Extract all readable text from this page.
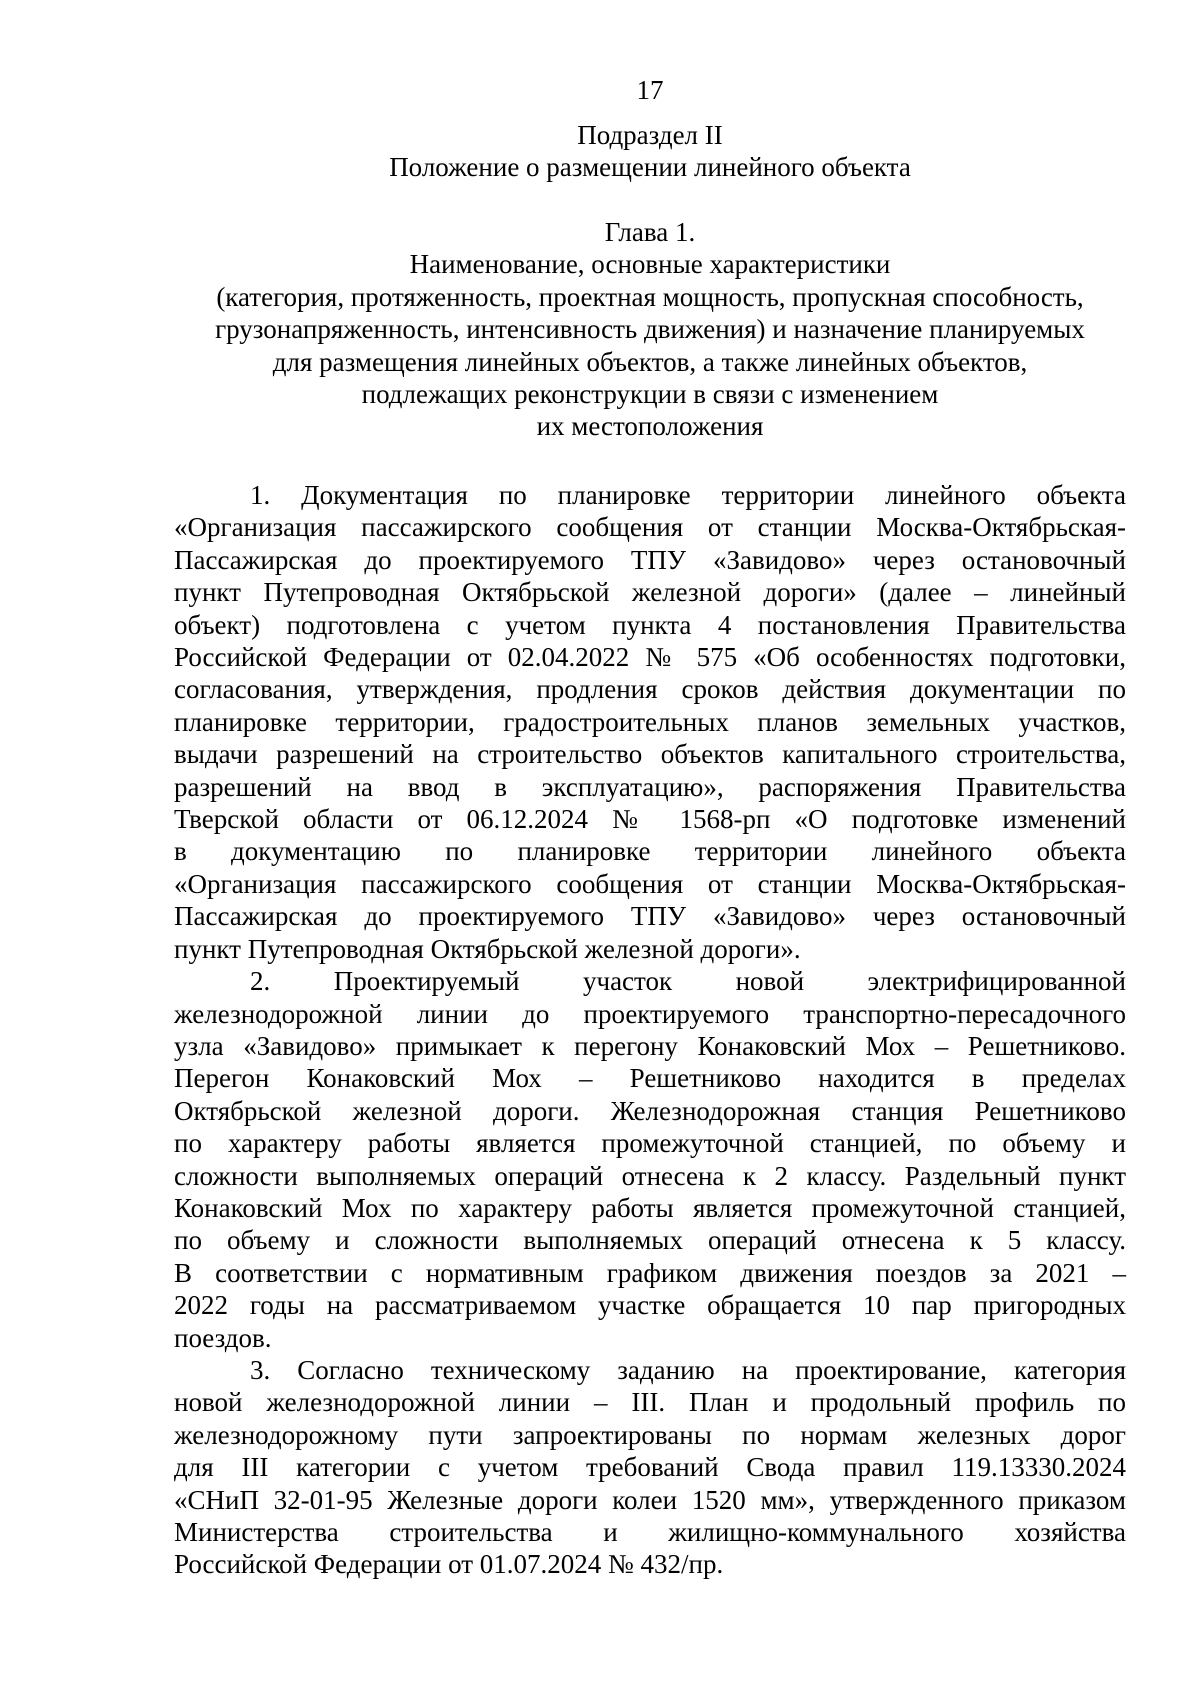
17
Подраздел II
Положение о размещении линейного объекта
Глава 1.
Наименование, основные характеристики
(категория, протяженность, проектная мощность, пропускная способность,
грузонапряженность, интенсивность движения) и назначение планируемых
для размещения линейных объектов, а также линейных объектов,
подлежащих реконструкции в связи с изменением
их местоположения
1. Документация по планировке территории линейного объекта
«Организация пассажирского сообщения от станции Москва-Октябрьская-
Пассажирская до проектируемого ТПУ «Завидово» через остановочный
пункт Путепроводная Октябрьской железной дороги» (далее – линейный
объект) подготовлена с учетом пункта 4 постановления Правительства
Российской Федерации от 02.04.2022 № 575 «Об особенностях подготовки,
согласования, утверждения, продления сроков действия документации по
планировке территории, градостроительных планов земельных участков,
выдачи разрешений на строительство объектов капитального строительства,
разрешений на ввод в эксплуатацию», распоряжения Правительства
Тверской области от 06.12.2024 № 1568-рп «О подготовке изменений
в документацию по планировке территории линейного объекта
«Организация пассажирского сообщения от станции Москва-Октябрьская-
Пассажирская до проектируемого ТПУ «Завидово» через остановочный
пункт Путепроводная Октябрьской железной дороги».
2. Проектируемый участок новой электрифицированной
железнодорожной линии до проектируемого транспортно-пересадочного
узла «Завидово» примыкает к перегону Конаковский Мох – Решетниково.
Перегон Конаковский Мох – Решетниково находится в пределах
Октябрьской железной дороги. Железнодорожная станция Решетниково
по характеру работы является промежуточной станцией, по объему и
сложности выполняемых операций отнесена к 2 классу. Раздельный пункт
Конаковский Мох по характеру работы является промежуточной станцией,
по объему и сложности выполняемых операций отнесена к 5 классу.
В соответствии с нормативным графиком движения поездов за 2021 –
2022 годы на рассматриваемом участке обращается 10 пар пригородных
поездов.
3. Согласно техническому заданию на проектирование, категория
новой железнодорожной линии – III. План и продольный профиль по
железнодорожному пути запроектированы по нормам железных дорог
для III категории с учетом требований Свода правил 119.13330.2024
«СНиП 32-01-95 Железные дороги колеи 1520 мм», утвержденного приказом
Министерства строительства и жилищно-коммунального хозяйства
Российской Федерации от 01.07.2024 № 432/пр.
